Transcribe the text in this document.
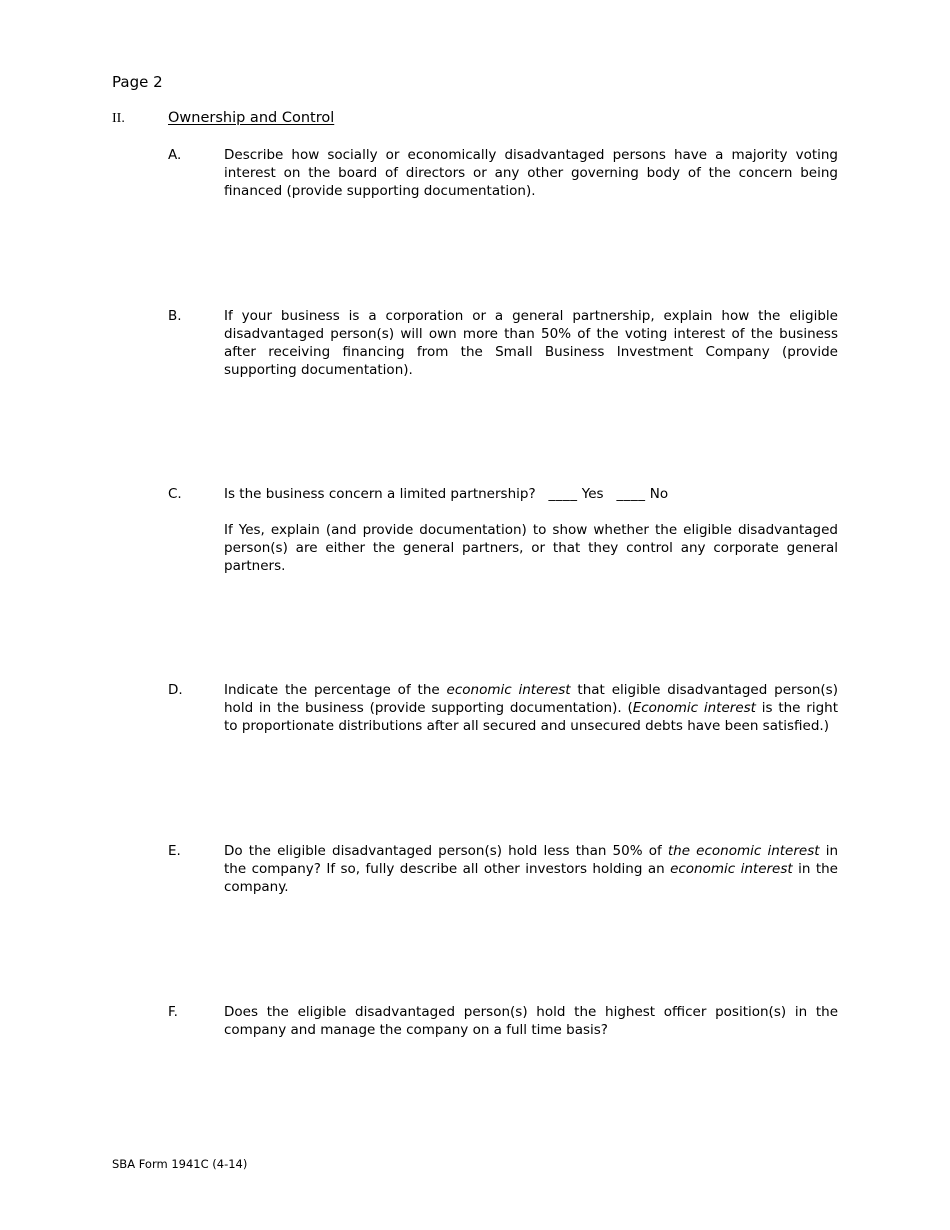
Page 2
II.	Ownership and Control
A.	Describe how socially or economically disadvantaged persons have a majority voting interest on the board of directors or any other governing body of the concern being financed (provide supporting documentation).

B.	If your business is a corporation or a general partnership, explain how the eligible disadvantaged person(s) will own more than 50% of the voting interest of the business after receiving financing from the Small Business Investment Company (provide supporting documentation).

C.	Is the business concern a limited partnership? ____ Yes ____ No

If Yes, explain (and provide documentation) to show whether the eligible disadvantaged person(s) are either the general partners, or that they control any corporate general partners.

D.	Indicate the percentage of the economic interest that eligible disadvantaged person(s) hold in the business (provide supporting documentation). (Economic interest is the right to proportionate distributions after all secured and unsecured debts have been satisfied.)

E.	Do the eligible disadvantaged person(s) hold less than 50% of the economic interest in the company? If so, fully describe all other investors holding an economic interest in the company.

F.	Does the eligible disadvantaged person(s) hold the highest officer position(s) in the company and manage the company on a full time basis?

SBA Form 1941C (4-14)
